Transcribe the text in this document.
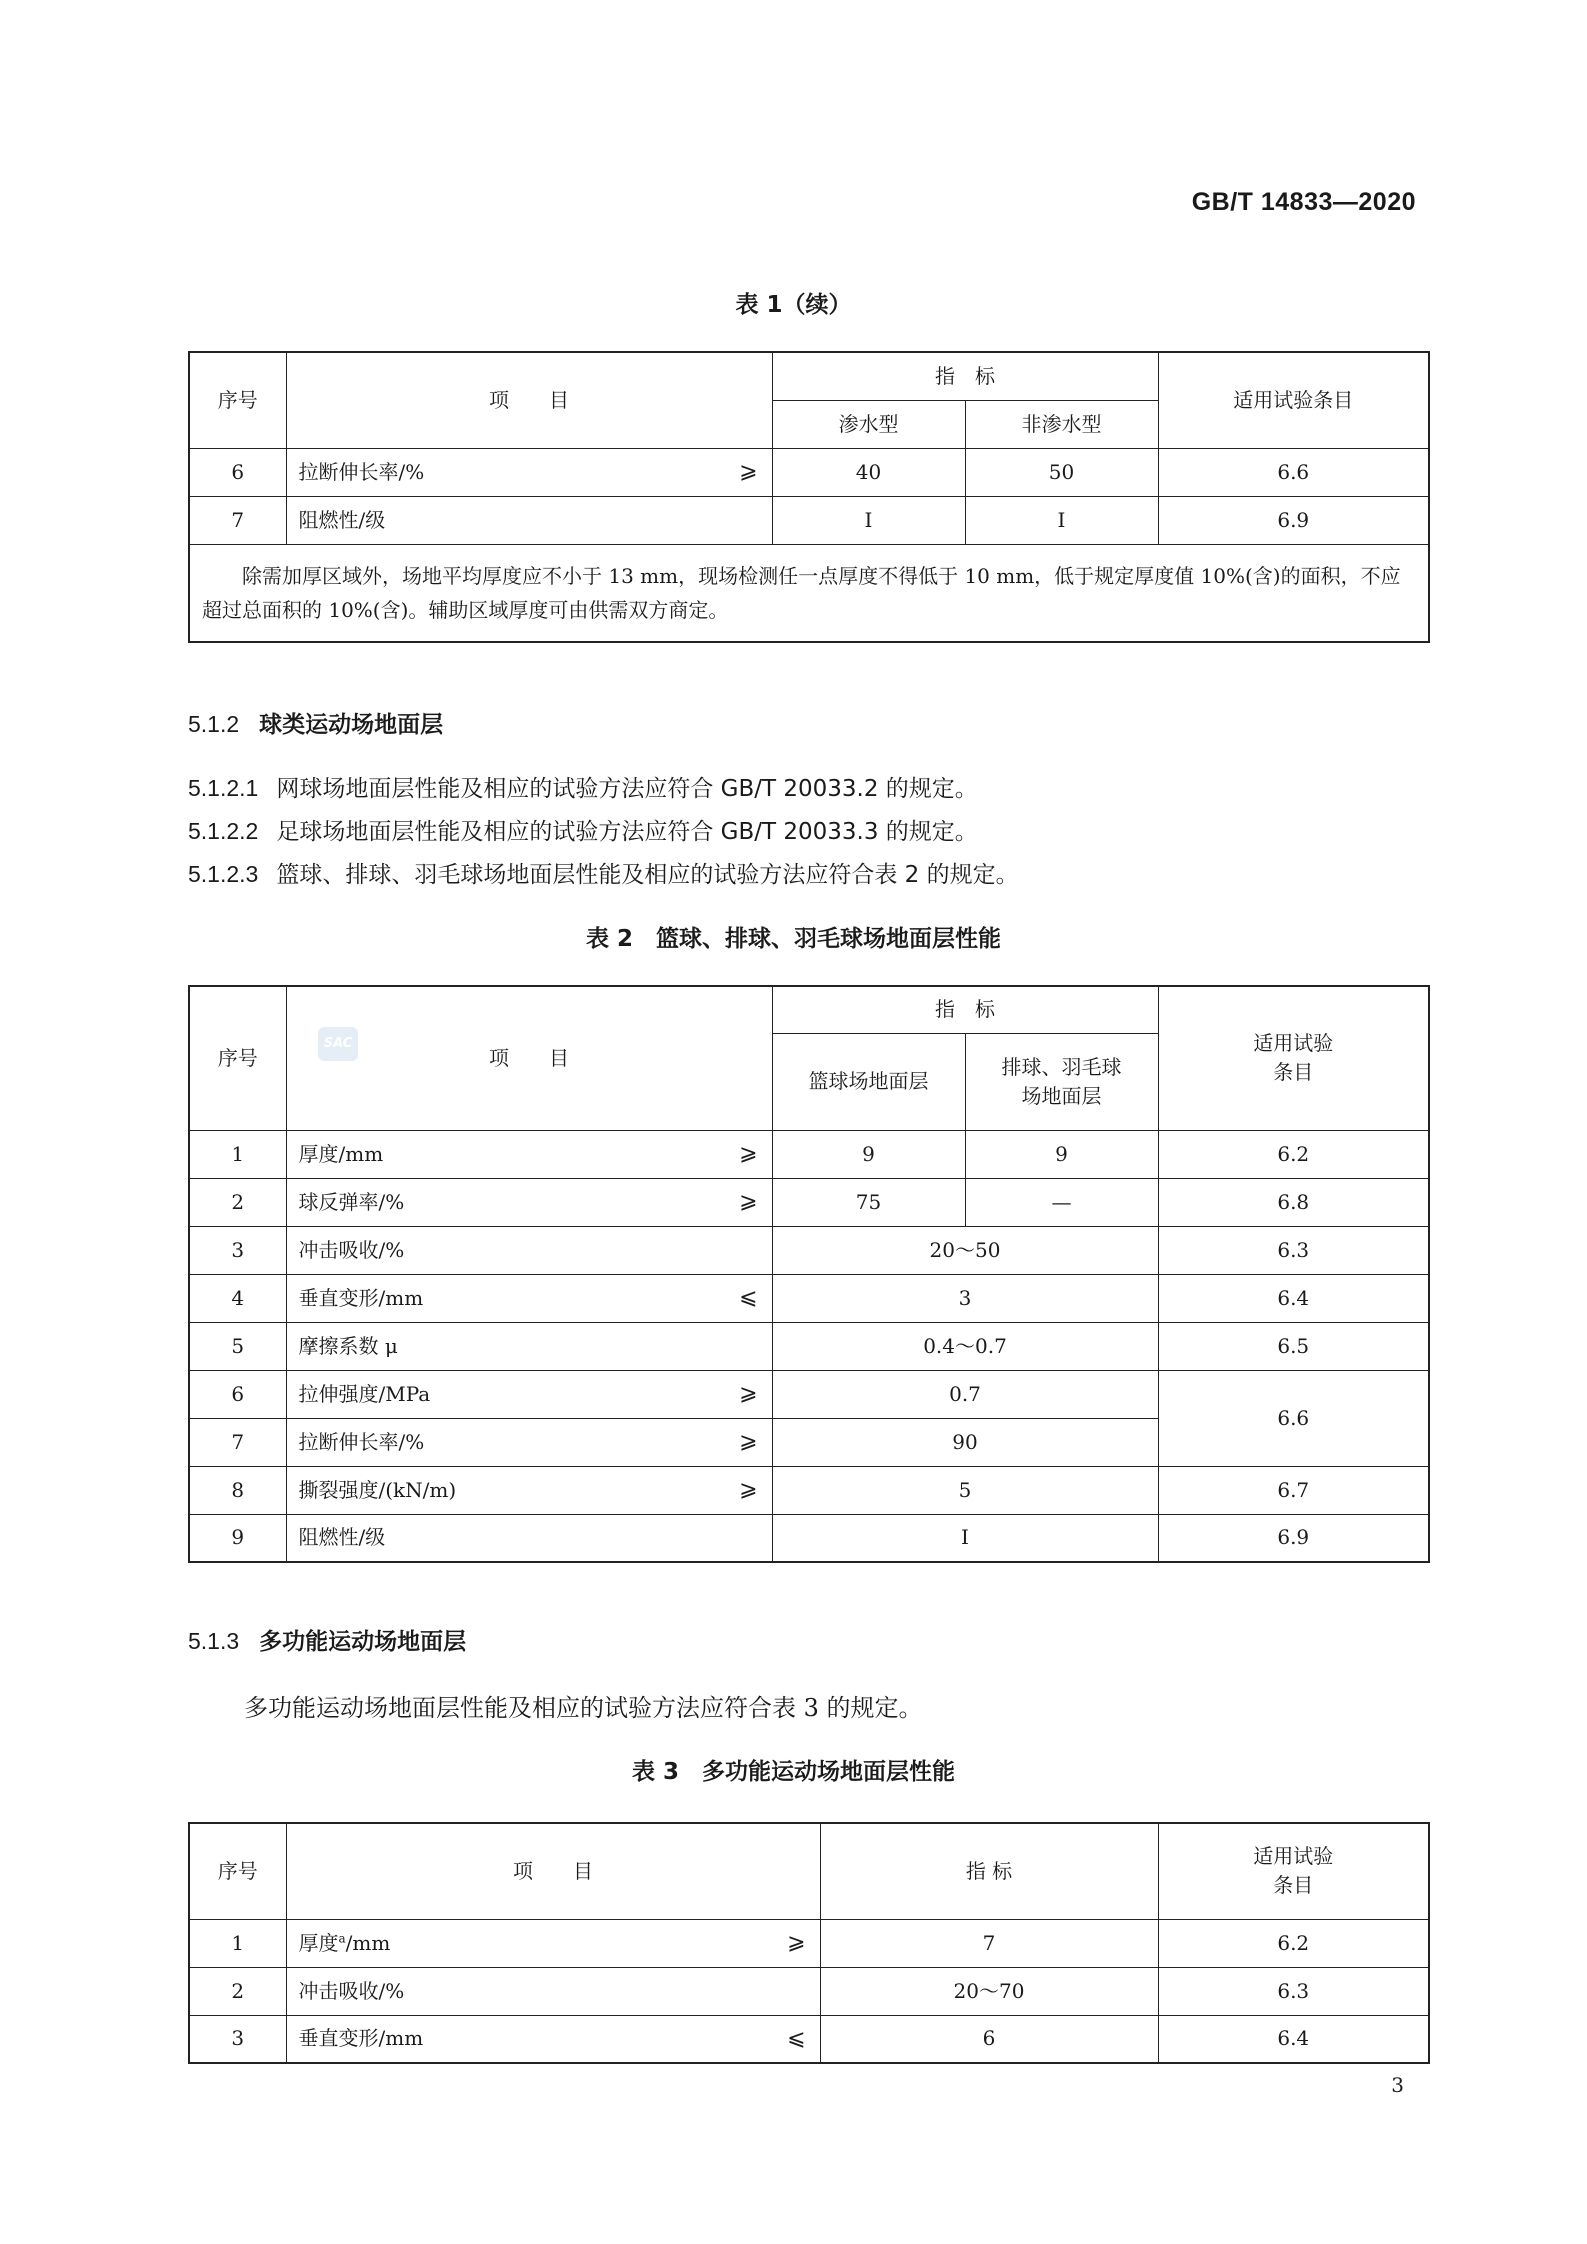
GB/T 14833—2020
表 1（续）
序号	项　　目	指　标		适用试验条目
		渗水型	非渗水型	
6	拉断伸长率/% ⩾	40	50	6.6
7	阻燃性/级	Ⅰ	Ⅰ	6.9
除需加厚区域外，场地平均厚度应不小于 13 mm，现场检测任一点厚度不得低于 10 mm，低于规定厚度值 10%(含)的面积，不应超过总面积的 10%(含)。辅助区域厚度可由供需双方商定。				
5.1.2 球类运动场地面层
5.1.2.1 网球场地面层性能及相应的试验方法应符合 GB/T 20033.2 的规定。
5.1.2.2 足球场地面层性能及相应的试验方法应符合 GB/T 20033.3 的规定。
5.1.2.3 篮球、排球、羽毛球场地面层性能及相应的试验方法应符合表 2 的规定。
表 2　篮球、排球、羽毛球场地面层性能
序号	项　　目	指　标		适用试验
条目
		篮球场地面层	排球、羽毛球
场地面层	
1	厚度/mm ⩾	9	9	6.2
2	球反弹率/% ⩾	75	—	6.8
3	冲击吸收/%	20～50		6.3
4	垂直变形/mm ⩽	3		6.4
5	摩擦系数 μ	0.4～0.7		6.5
6	拉伸强度/MPa ⩾	0.7		6.6
7	拉断伸长率/% ⩾	90		
8	撕裂强度/(kN/m) ⩾	5		6.7
9	阻燃性/级	Ⅰ		6.9
SAC
5.1.3 多功能运动场地面层
多功能运动场地面层性能及相应的试验方法应符合表 3 的规定。
表 3　多功能运动场地面层性能
序号	项　　目	指 标	适用试验
条目
1	厚度$^a$/mm ⩾	7	6.2
2	冲击吸收/%	20～70	6.3
3	垂直变形/mm ⩽	6	6.4
3
